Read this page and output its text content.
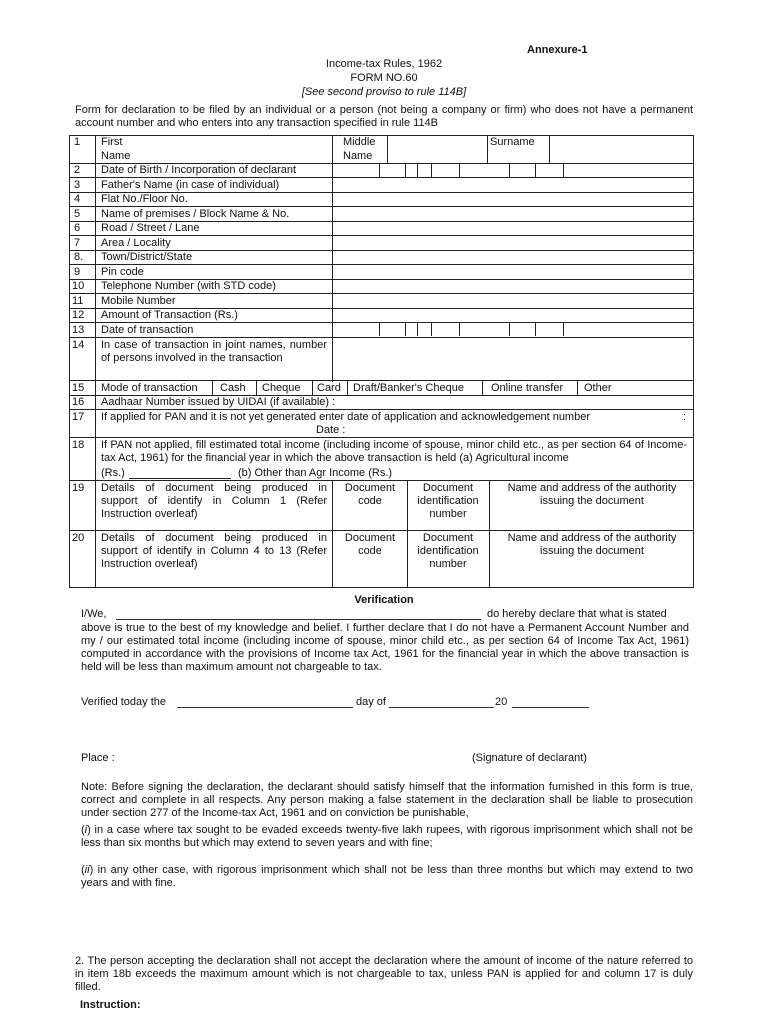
Annexure-1
Income-tax Rules, 1962
FORM NO.60
[See second proviso to rule 114B]
Form for declaration to be filed by an individual or a person (not being a company or firm) who does not have a permanent account number and who enters into any transaction specified in rule 114B
1 First
Name
Middle
Name
Surname
2 Date of Birth / Incorporation of declarant
3 Father's Name (in case of individual)
4 Flat No./Floor No.
5 Name of premises / Block Name & No.
6 Road / Street / Lane
7 Area / Locality
8. Town/District/State
9 Pin code
10 Telephone Number (with STD code)
11 Mobile Number
12 Amount of Transaction (Rs.)
13 Date of transaction
14 In case of transaction in joint names, number of persons involved in the transaction
15 Mode of transaction Cash Cheque Card Draft/Banker's Cheque Online transfer Other
16 Aadhaar Number issued by UIDAI (if available) :
17 If applied for PAN and it is not yet generated enter date of application and acknowledgement number	:
Date :
18 If PAN not applied, fill estimated total income (including income of spouse, minor child etc., as per section 64 of Income-tax Act, 1961) for the financial year in which the above transaction is held (a) Agricultural income
(Rs.)	(b) Other than Agr Income (Rs.)
19 Details of document being produced in support of identify in Column 1 (Refer Instruction overleaf)
Document code
Document identification number
Name and address of the authority issuing the document
20 Details of document being produced in support of identify in Column 4 to 13 (Refer Instruction overleaf)
Document code
Document identification number
Name and address of the authority issuing the document
Verification
I/We,	do hereby declare that what is stated
above is true to the best of my knowledge and belief. I further declare that I do not have a Permanent Account Number and my / our estimated total income (including income of spouse, minor child etc., as per section 64 of Income Tax Act, 1961) computed in accordance with the provisions of Income tax Act, 1961 for the financial year in which the above transaction is held will be less than maximum amount not chargeable to tax.
Verified today the	day of	20
Place :	(Signature of declarant)
Note: Before signing the declaration, the declarant should satisfy himself that the information furnished in this form is true, correct and complete in all respects. Any person making a false statement in the declaration shall be liable to prosecution under section 277 of the Income-tax Act, 1961 and on conviction be punishable,
(i) in a case where tax sought to be evaded exceeds twenty-five lakh rupees, with rigorous imprisonment which shall not be less than six months but which may extend to seven years and with fine;
(ii) in any other case, with rigorous imprisonment which shall not be less than three months but which may extend to two years and with fine.
2. The person accepting the declaration shall not accept the declaration where the amount of income of the nature referred to in item 18b exceeds the maximum amount which is not chargeable to tax, unless PAN is applied for and column 17 is duly filled.
Instruction:
